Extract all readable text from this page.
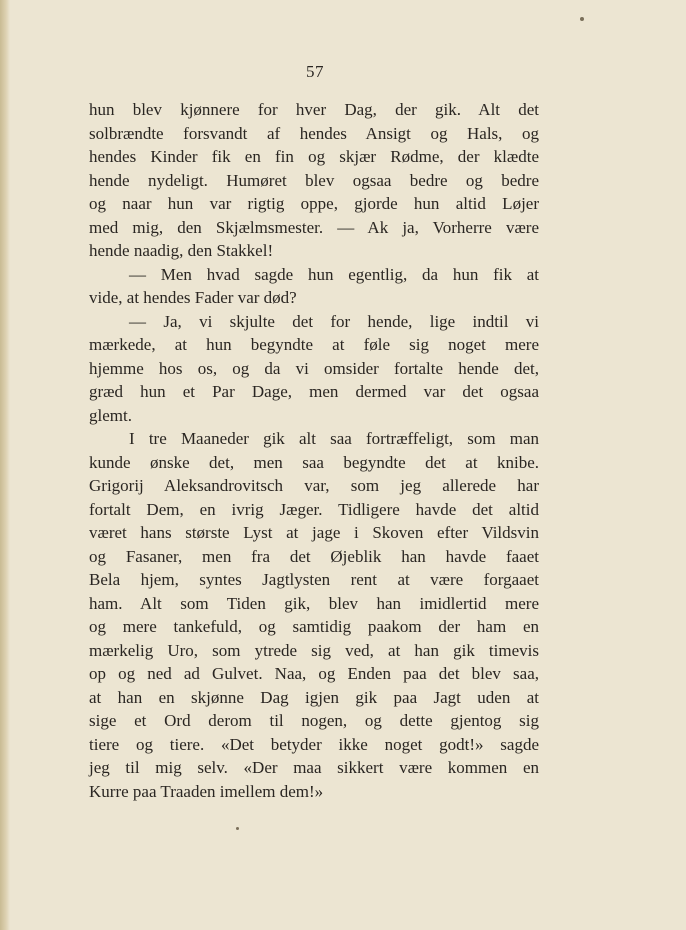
57
hun blev kjønnere for hver Dag, der gik. Alt det
solbrændte forsvandt af hendes Ansigt og Hals, og
hendes Kinder fik en fin og skjær Rødme, der klædte
hende nydeligt. Humøret blev ogsaa bedre og bedre
og naar hun var rigtig oppe, gjorde hun altid Løjer
med mig, den Skjælmsmester. — Ak ja, Vorherre være
hende naadig, den Stakkel!
— Men hvad sagde hun egentlig, da hun fik at
vide, at hendes Fader var død?
— Ja, vi skjulte det for hende, lige indtil vi
mærkede, at hun begyndte at føle sig noget mere
hjemme hos os, og da vi omsider fortalte hende det,
græd hun et Par Dage, men dermed var det ogsaa
glemt.
I tre Maaneder gik alt saa fortræffeligt, som man
kunde ønske det, men saa begyndte det at knibe.
Grigorij Aleksandrovitsch var, som jeg allerede har
fortalt Dem, en ivrig Jæger. Tidligere havde det altid
været hans største Lyst at jage i Skoven efter Vildsvin
og Fasaner, men fra det Øjeblik han havde faaet
Bela hjem, syntes Jagtlysten rent at være forgaaet
ham. Alt som Tiden gik, blev han imidlertid mere
og mere tankefuld, og samtidig paakom der ham en
mærkelig Uro, som ytrede sig ved, at han gik timevis
op og ned ad Gulvet. Naa, og Enden paa det blev saa,
at han en skjønne Dag igjen gik paa Jagt uden at
sige et Ord derom til nogen, og dette gjentog sig
tiere og tiere. «Det betyder ikke noget godt!» sagde
jeg til mig selv. «Der maa sikkert være kommen en
Kurre paa Traaden imellem dem!»
